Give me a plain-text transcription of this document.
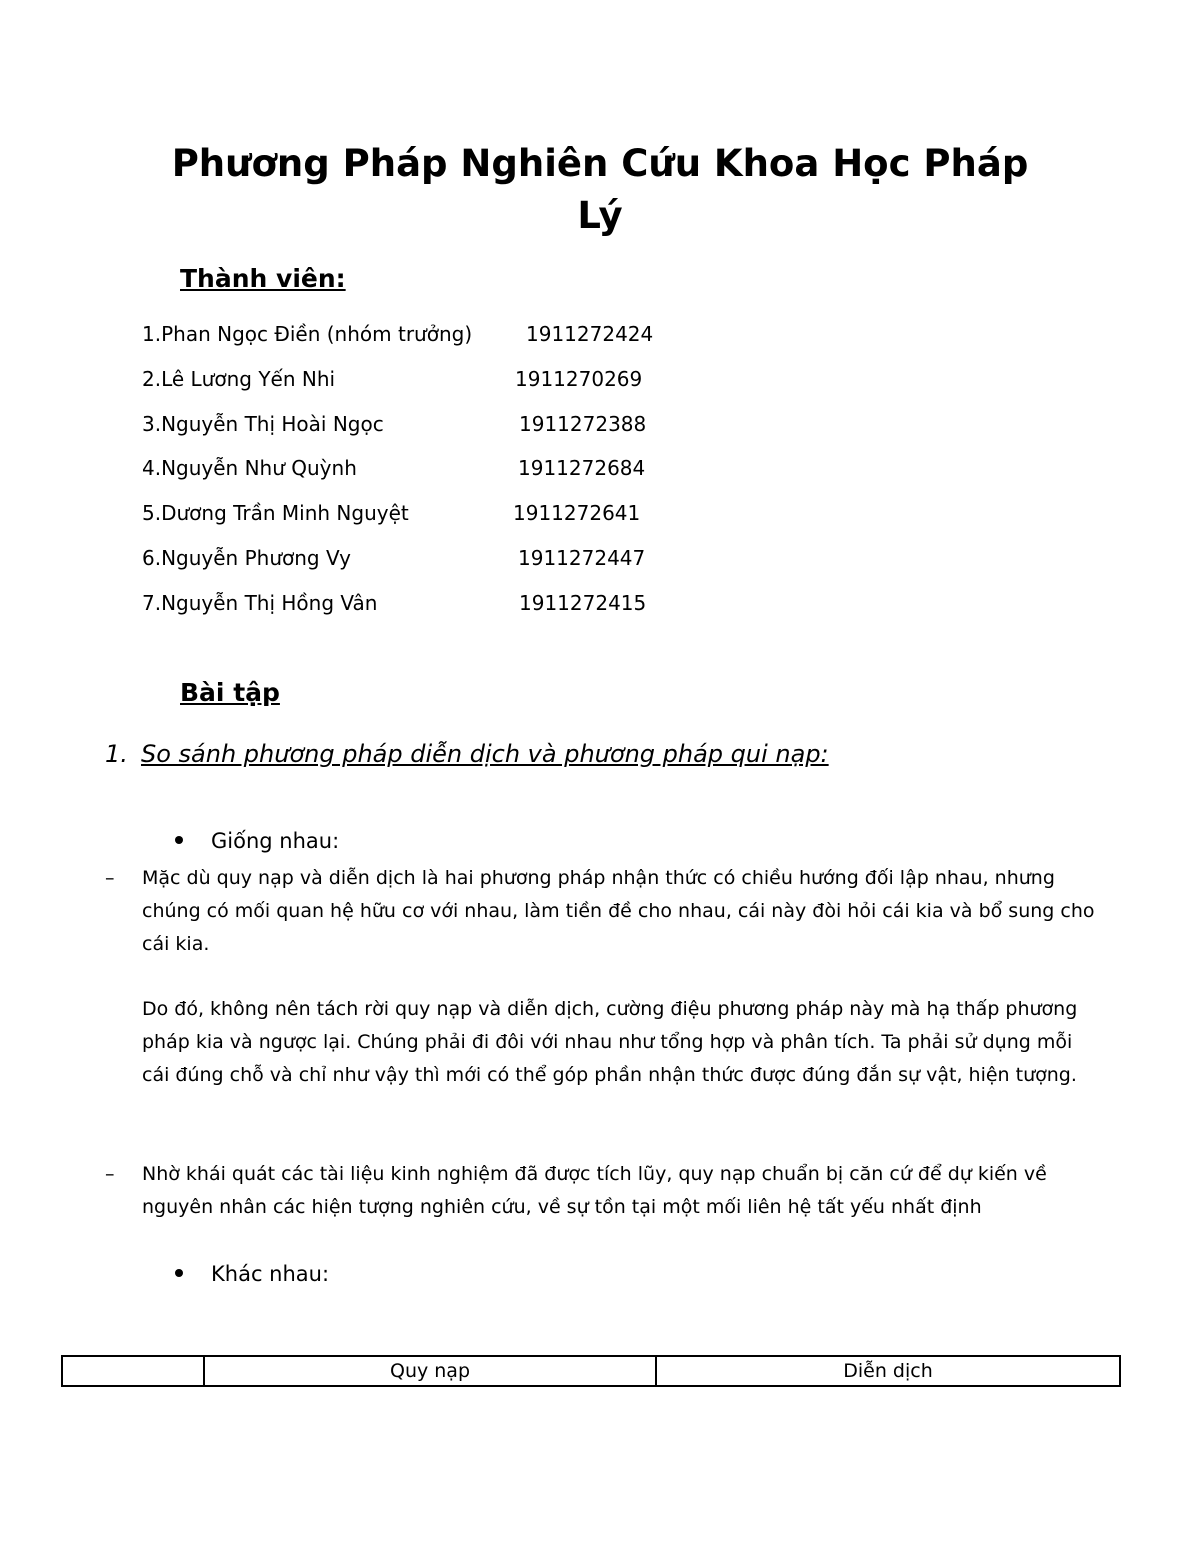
Phương Pháp Nghiên Cứu Khoa Học Pháp
Lý
Thành viên:
1.Phan Ngọc Điền (nhóm trưởng)	1911272424
2.Lê Lương Yến Nhi	1911270269
3.Nguyễn Thị Hoài Ngọc	1911272388
4.Nguyễn Như Quỳnh	1911272684
5.Dương Trần Minh Nguyệt	1911272641
6.Nguyễn Phương Vy	1911272447
7.Nguyễn Thị Hồng Vân	1911272415
Bài tập
1. So sánh phương pháp diễn dịch và phương pháp qui nạp:
Giống nhau:
– Mặc dù quy nạp và diễn dịch là hai phương pháp nhận thức có chiều hướng đối lập nhau, nhưng chúng có mối quan hệ hữu cơ với nhau, làm tiền đề cho nhau, cái này đòi hỏi cái kia và bổ sung cho cái kia.

Do đó, không nên tách rời quy nạp và diễn dịch, cường điệu phương pháp này mà hạ thấp phương pháp kia và ngược lại. Chúng phải đi đôi với nhau như tổng hợp và phân tích. Ta phải sử dụng mỗi cái đúng chỗ và chỉ như vậy thì mới có thể góp phần nhận thức được đúng đắn sự vật, hiện tượng.

– Nhờ khái quát các tài liệu kinh nghiệm đã được tích lũy, quy nạp chuẩn bị căn cứ để dự kiến về nguyên nhân các hiện tượng nghiên cứu, về sự tồn tại một mối liên hệ tất yếu nhất định

Khác nhau:
	Quy nạp	Diễn dịch
